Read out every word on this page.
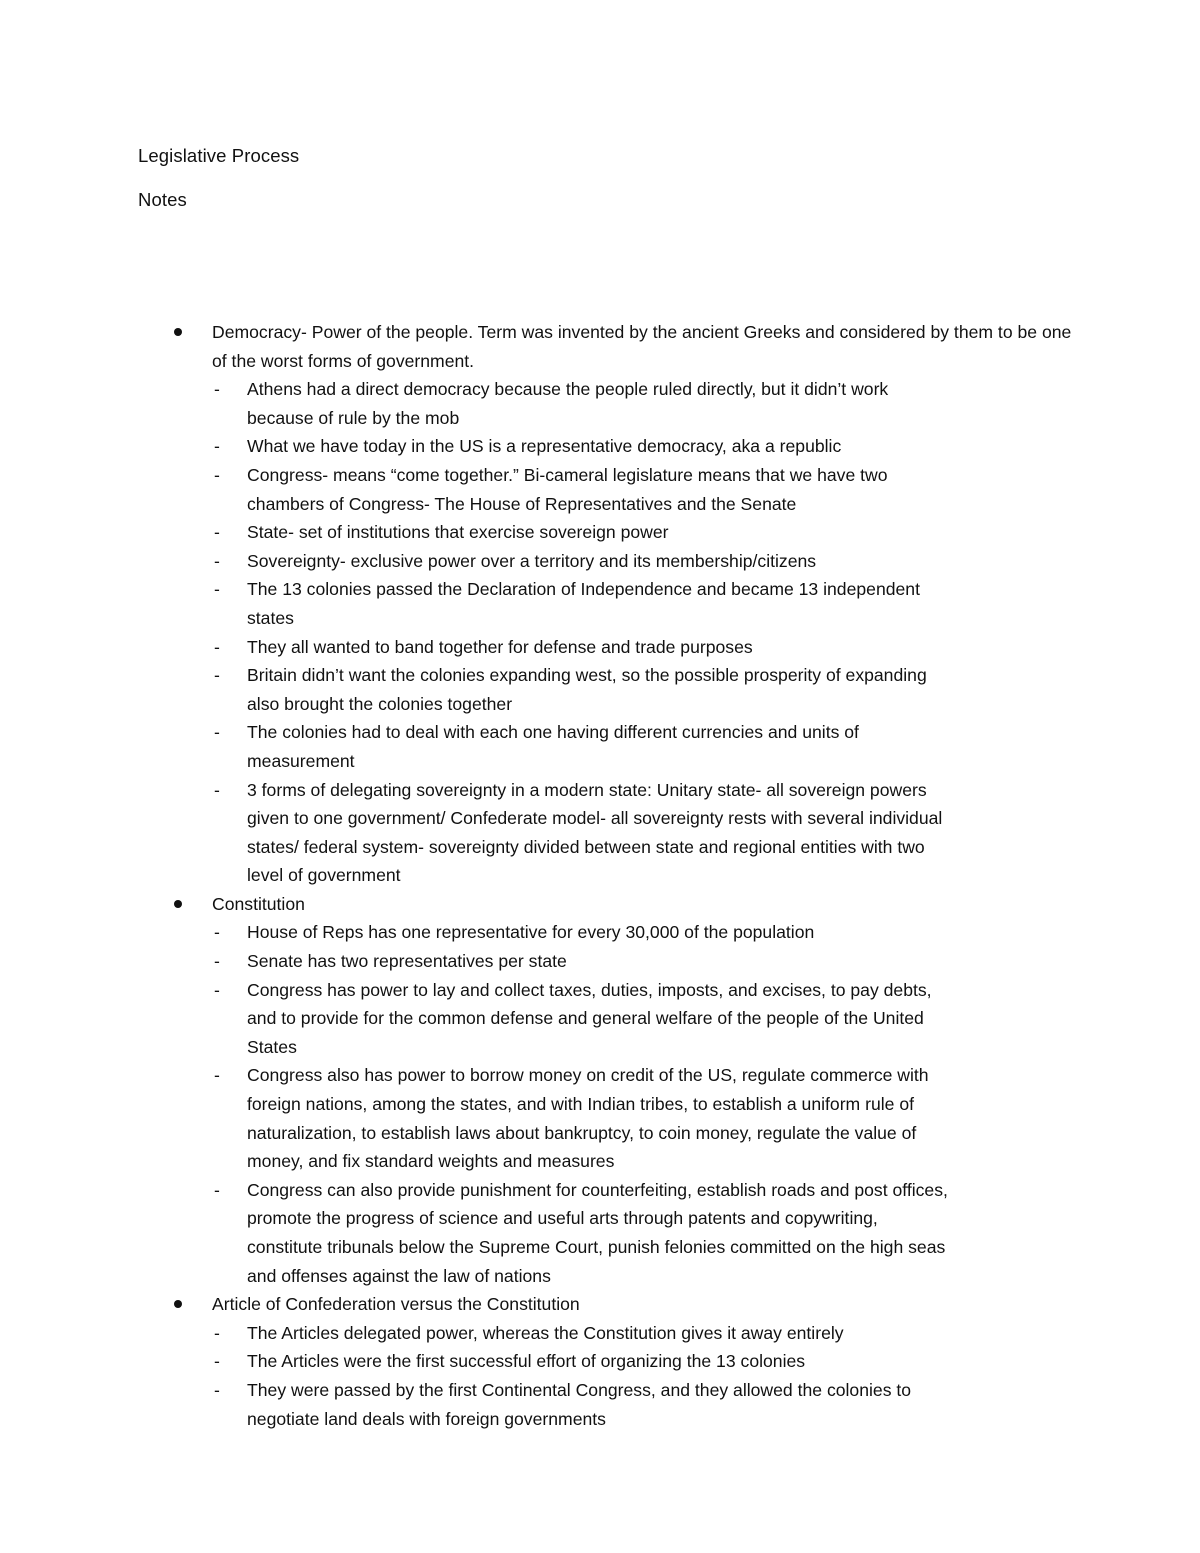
Legislative Process
Notes
Democracy- Power of the people. Term was invented by the ancient Greeks and considered by them to be one of the worst forms of government.
- Athens had a direct democracy because the people ruled directly, but it didn’t work because of rule by the mob
- What we have today in the US is a representative democracy, aka a republic
- Congress- means “come together.” Bi-cameral legislature means that we have two chambers of Congress- The House of Representatives and the Senate
- State- set of institutions that exercise sovereign power
- Sovereignty- exclusive power over a territory and its membership/citizens
- The 13 colonies passed the Declaration of Independence and became 13 independent states
- They all wanted to band together for defense and trade purposes
- Britain didn’t want the colonies expanding west, so the possible prosperity of expanding also brought the colonies together
- The colonies had to deal with each one having different currencies and units of measurement
- 3 forms of delegating sovereignty in a modern state: Unitary state- all sovereign powers given to one government/ Confederate model- all sovereignty rests with several individual states/ federal system- sovereignty divided between state and regional entities with two level of government
Constitution
- House of Reps has one representative for every 30,000 of the population
- Senate has two representatives per state
- Congress has power to lay and collect taxes, duties, imposts, and excises, to pay debts, and to provide for the common defense and general welfare of the people of the United States
- Congress also has power to borrow money on credit of the US, regulate commerce with foreign nations, among the states, and with Indian tribes, to establish a uniform rule of naturalization, to establish laws about bankruptcy, to coin money, regulate the value of money, and fix standard weights and measures
- Congress can also provide punishment for counterfeiting, establish roads and post offices, promote the progress of science and useful arts through patents and copywriting, constitute tribunals below the Supreme Court, punish felonies committed on the high seas and offenses against the law of nations
Article of Confederation versus the Constitution
- The Articles delegated power, whereas the Constitution gives it away entirely
- The Articles were the first successful effort of organizing the 13 colonies
- They were passed by the first Continental Congress, and they allowed the colonies to negotiate land deals with foreign governments
